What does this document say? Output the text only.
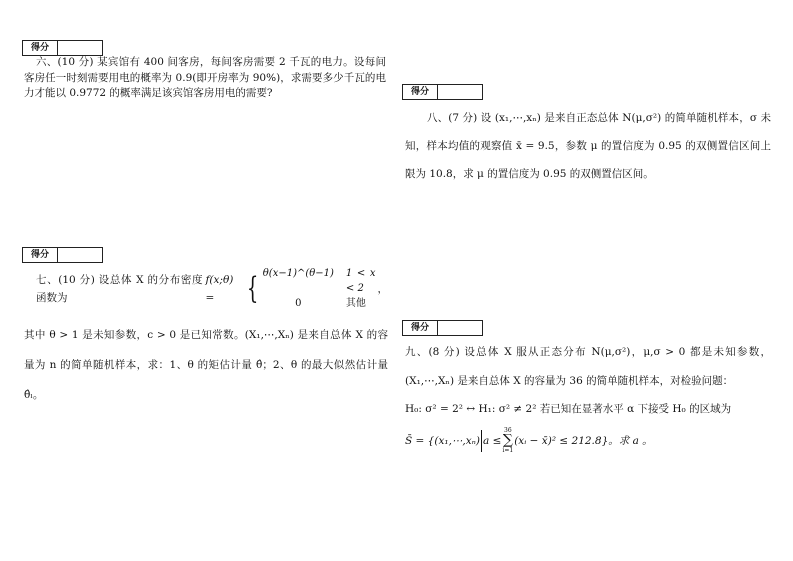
得分
得分
得分
得分

六、(10 分) 某宾馆有 400 间客房，每间客房需要 2 千瓦的电力。设每间客房任一时刻需要用电的概率为 0.9(即开房率为 90%)，求需要多少千瓦的电力才能以 0.9772 的概率满足该宾馆客房用电的需要?

七、(10 分) 设总体 X 的分布密度函数为
f(x;θ) =	{ θ(x−1)^(θ−1) 1 < x < 2
0	其他
，

其中 θ > 1 是未知参数，c > 0 是已知常数。(X₁,⋯,Xₙ) 是来自总体 X 的容量为 n 的简单随机样本，求：1、θ 的矩估计量 θ̂；2、θ 的最大似然估计量 θ̂ₗ。

八、(7 分) 设 (x₁,⋯,xₙ) 是来自正态总体 N(μ,σ²) 的简单随机样本，σ 未知，样本均值的观察值 x̄ = 9.5，参数 μ 的置信度为 0.95 的双侧置信区间上限为 10.8，求 μ 的置信度为 0.95 的双侧置信区间。

九、(8 分) 设总体 X 服从正态分布 N(μ,σ²)，μ,σ > 0 都是未知参数，(X₁,⋯,Xₙ) 是来自总体 X 的容量为 36 的简单随机样本，对检验问题：

H₀: σ² = 2² ↔ H₁: σ² ≠ 2² 若已知在显著水平 α 下接受 H₀ 的区域为

S̄ = {(x₁,⋯,xₙ) a ≤
36
∑
i=1
(xᵢ − x̄)² ≤ 212.8}。求 a 。
